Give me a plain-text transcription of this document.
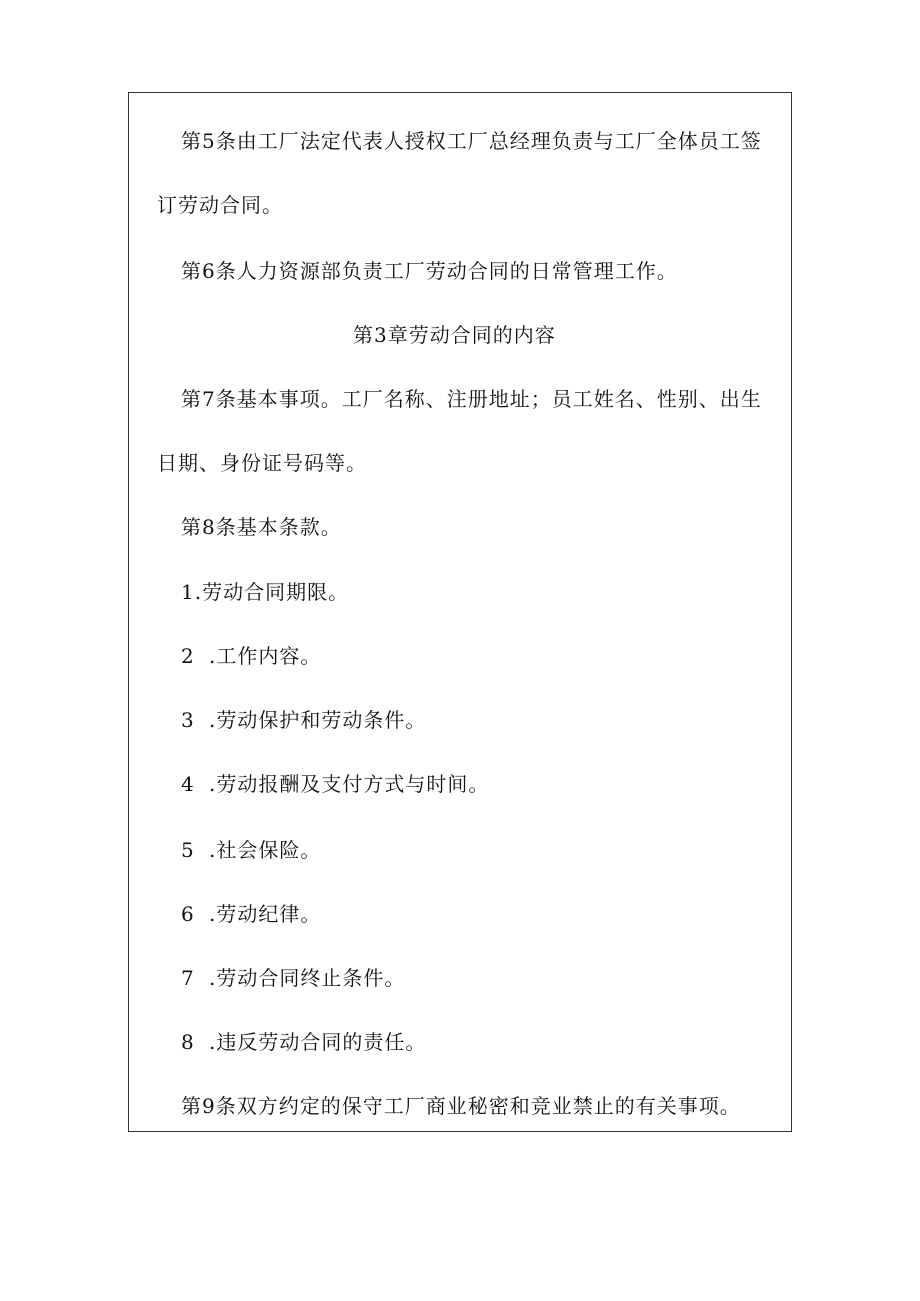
第5条由工厂法定代表人授权工厂总经理负责与工厂全体员工签
订劳动合同。
第6条人力资源部负责工厂劳动合同的日常管理工作。
第3章劳动合同的内容
第7条基本事项。工厂名称、注册地址；员工姓名、性别、出生
日期、身份证号码等。
第8条基本条款。
1.劳动合同期限。
2 .工作内容。
3 .劳动保护和劳动条件。
4 .劳动报酬及支付方式与时间。
5 .社会保险。
6 .劳动纪律。
7 .劳动合同终止条件。
8 .违反劳动合同的责任。
第9条双方约定的保守工厂商业秘密和竞业禁止的有关事项。
